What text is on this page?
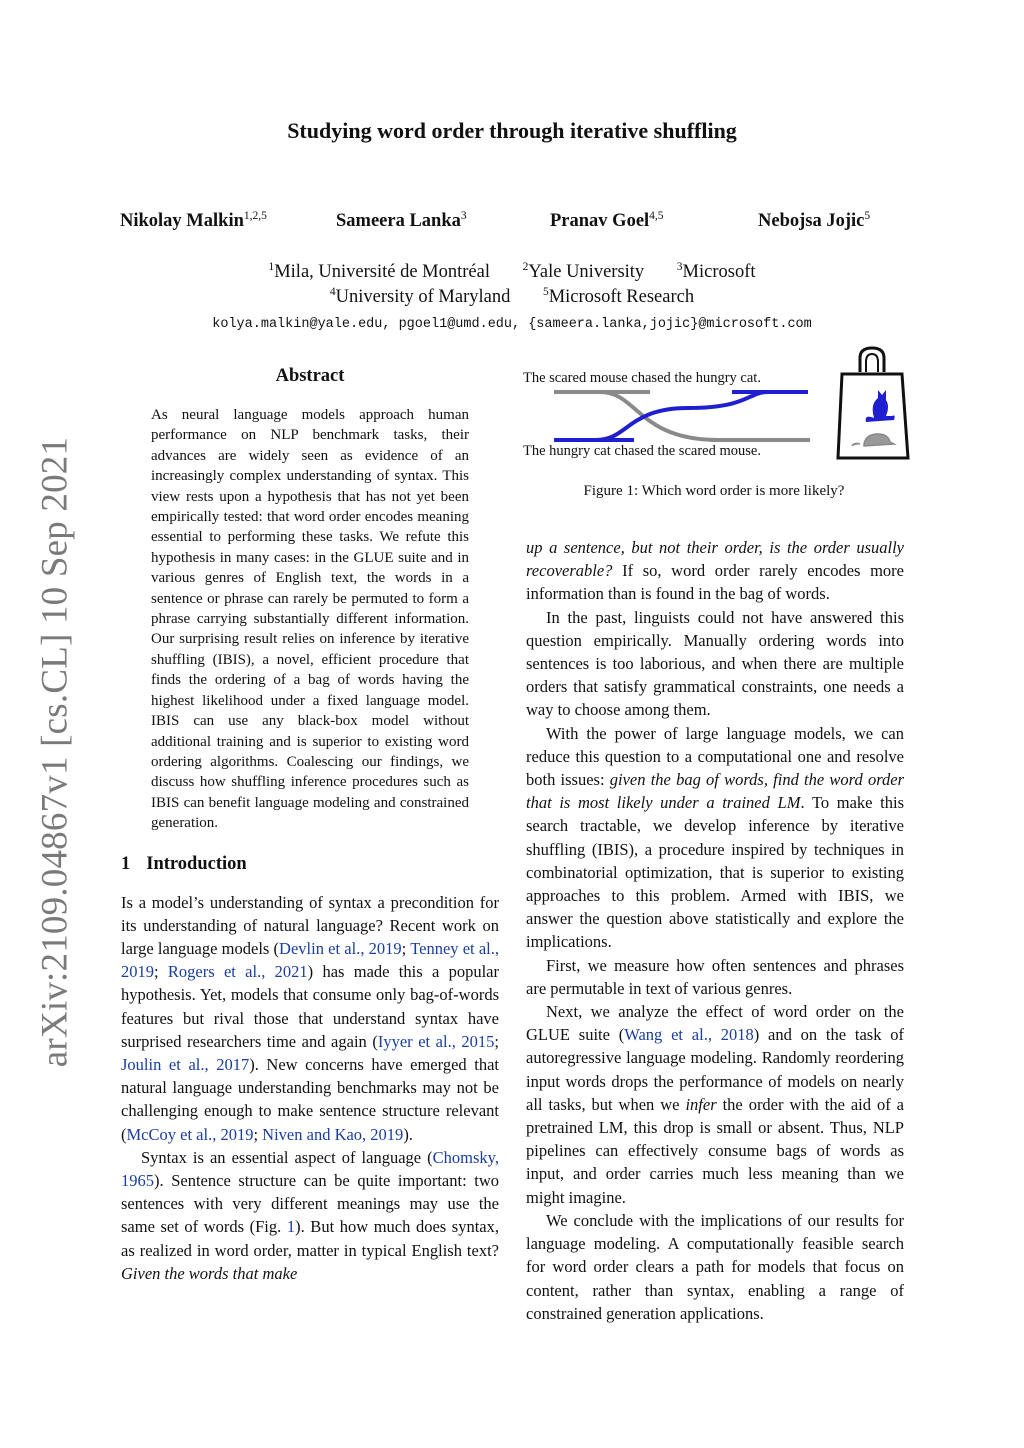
Studying word order through iterative shuffling
Nikolay Malkin$^{1,2,5}$	Sameera Lanka$^3$	Pranav Goel$^{4,5}$	Nebojsa Jojic$^5$
$^1$Mila, Université de Montréal	$^2$Yale University	$^3$Microsoft
$^4$University of Maryland	$^5$Microsoft Research
kolya.malkin@yale.edu, pgoel1@umd.edu, {sameera.lanka,jojic}@microsoft.com
arXiv:2109.04867v1 [cs.CL] 10 Sep 2021
Abstract
As neural language models approach human performance on NLP benchmark tasks, their advances are widely seen as evidence of an increasingly complex understanding of syntax. This view rests upon a hypothesis that has not yet been empirically tested: that word order encodes meaning essential to performing these tasks. We refute this hypothesis in many cases: in the GLUE suite and in various genres of English text, the words in a sentence or phrase can rarely be permuted to form a phrase carrying substantially different information. Our surprising result relies on inference by iterative shuffling (IBIS), a novel, efficient procedure that finds the ordering of a bag of words having the highest likelihood under a fixed language model. IBIS can use any black-box model without additional training and is superior to existing word ordering algorithms. Coalescing our findings, we discuss how shuffling inference procedures such as IBIS can benefit language modeling and constrained generation.
1 Introduction

Is a model’s understanding of syntax a precondition for its understanding of natural language? Recent work on large language models (Devlin et al., 2019; Tenney et al., 2019; Rogers et al., 2021) has made this a popular hypothesis. Yet, models that consume only bag-of-words features but rival those that understand syntax have surprised researchers time and again (Iyyer et al., 2015; Joulin et al., 2017). New concerns have emerged that natural language understanding benchmarks may not be challenging enough to make sentence structure relevant (McCoy et al., 2019; Niven and Kao, 2019).

Syntax is an essential aspect of language (Chomsky, 1965). Sentence structure can be quite important: two sentences with very different meanings may use the same set of words (Fig. 1). But how much does syntax, as realized in word order, matter in typical English text? Given the words that make

The scared mouse chased the hungry cat.
The hungry cat chased the scared mouse.
Figure 1: Which word order is more likely?

up a sentence, but not their order, is the order usually recoverable? If so, word order rarely encodes more information than is found in the bag of words.

In the past, linguists could not have answered this question empirically. Manually ordering words into sentences is too laborious, and when there are multiple orders that satisfy grammatical constraints, one needs a way to choose among them.

With the power of large language models, we can reduce this question to a computational one and resolve both issues: given the bag of words, find the word order that is most likely under a trained LM. To make this search tractable, we develop inference by iterative shuffling (IBIS), a procedure inspired by techniques in combinatorial optimization, that is superior to existing approaches to this problem. Armed with IBIS, we answer the question above statistically and explore the implications.

First, we measure how often sentences and phrases are permutable in text of various genres.

Next, we analyze the effect of word order on the GLUE suite (Wang et al., 2018) and on the task of autoregressive language modeling. Randomly reordering input words drops the performance of models on nearly all tasks, but when we infer the order with the aid of a pretrained LM, this drop is small or absent. Thus, NLP pipelines can effectively consume bags of words as input, and order carries much less meaning than we might imagine.

We conclude with the implications of our results for language modeling. A computationally feasible search for word order clears a path for models that focus on content, rather than syntax, enabling a range of constrained generation applications.
